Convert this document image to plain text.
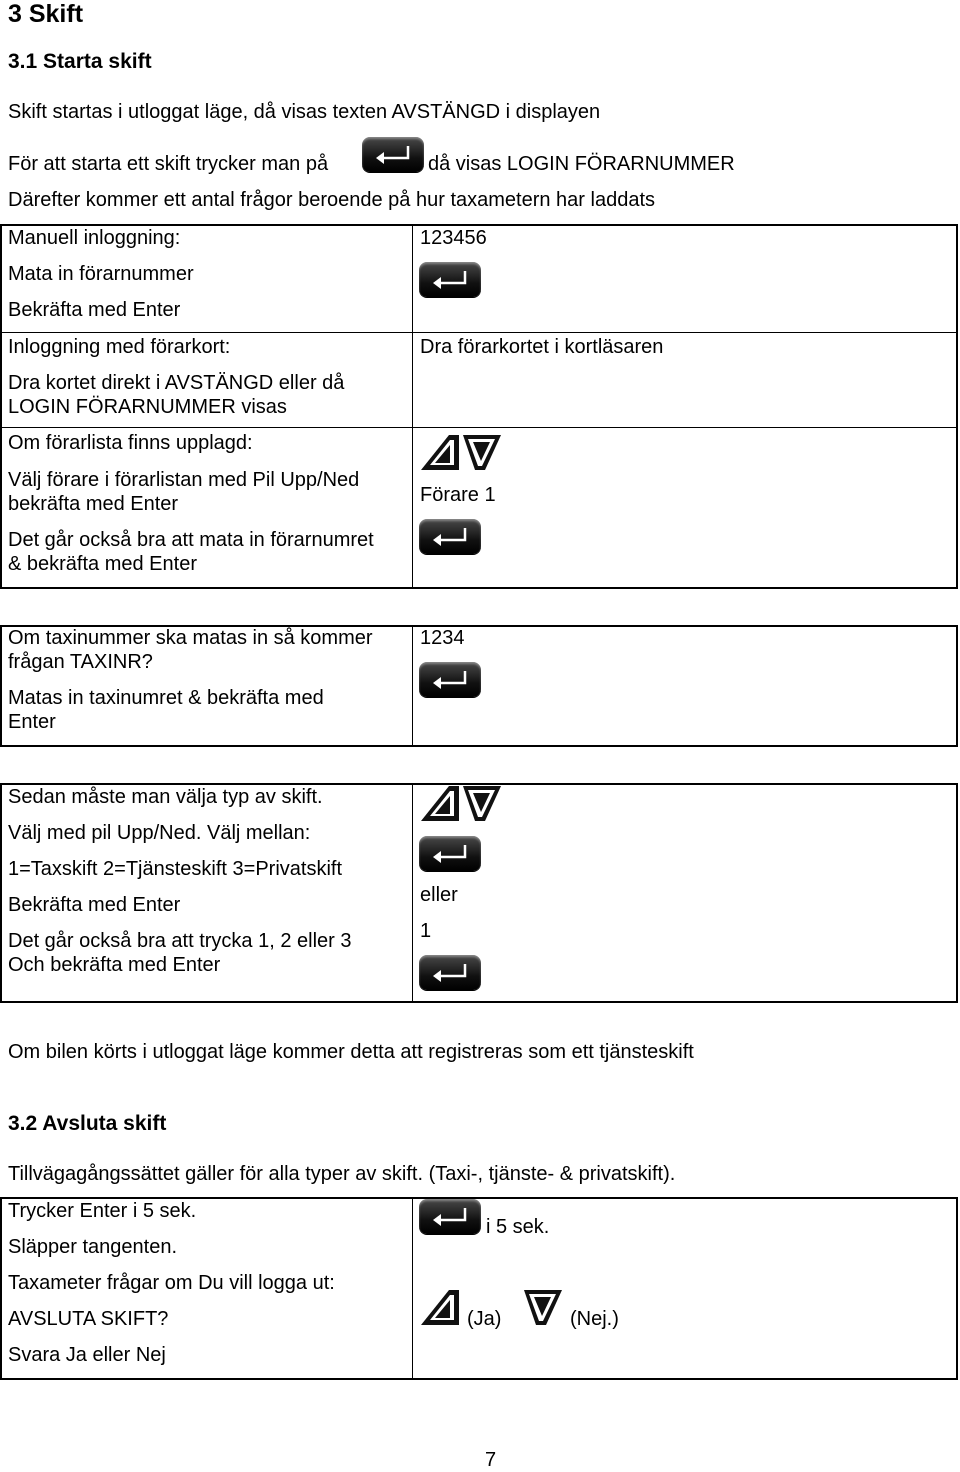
3 Skift
3.1 Starta skift
Skift startas i utloggat läge, då visas texten AVSTÄNGD i displayen
För att starta ett skift trycker man på	då visas LOGIN FÖRARNUMMER
Därefter kommer ett antal frågor beroende på hur taxametern har laddats
Manuell inloggning:
Mata in förarnummer
Bekräfta med Enter
123456
Inloggning med förarkort:
Dra kortet direkt i AVSTÄNGD eller då
LOGIN FÖRARNUMMER visas
Dra förarkortet i kortläsaren
Om förarlista finns upplagd:
Välj förare i förarlistan med Pil Upp/Ned
bekräfta med Enter
Det går också bra att mata in förarnumret
& bekräfta med Enter
Förare 1
Om taxinummer ska matas in så kommer
frågan TAXINR?
Matas in taxinumret & bekräfta med
Enter
1234
Sedan måste man välja typ av skift.
Välj med pil Upp/Ned. Välj mellan:
1=Taxskift 2=Tjänsteskift 3=Privatskift
Bekräfta med Enter
Det går också bra att trycka 1, 2 eller 3
Och bekräfta med Enter
eller
1
Om bilen körts i utloggat läge kommer detta att registreras som ett tjänsteskift
3.2 Avsluta skift
Tillvägagångssättet gäller för alla typer av skift. (Taxi-, tjänste- & privatskift).
Trycker Enter i 5 sek.
Släpper tangenten.
Taxameter frågar om Du vill logga ut:
AVSLUTA SKIFT?
Svara Ja eller Nej
i 5 sek.
(Ja)	(Nej.)
7
